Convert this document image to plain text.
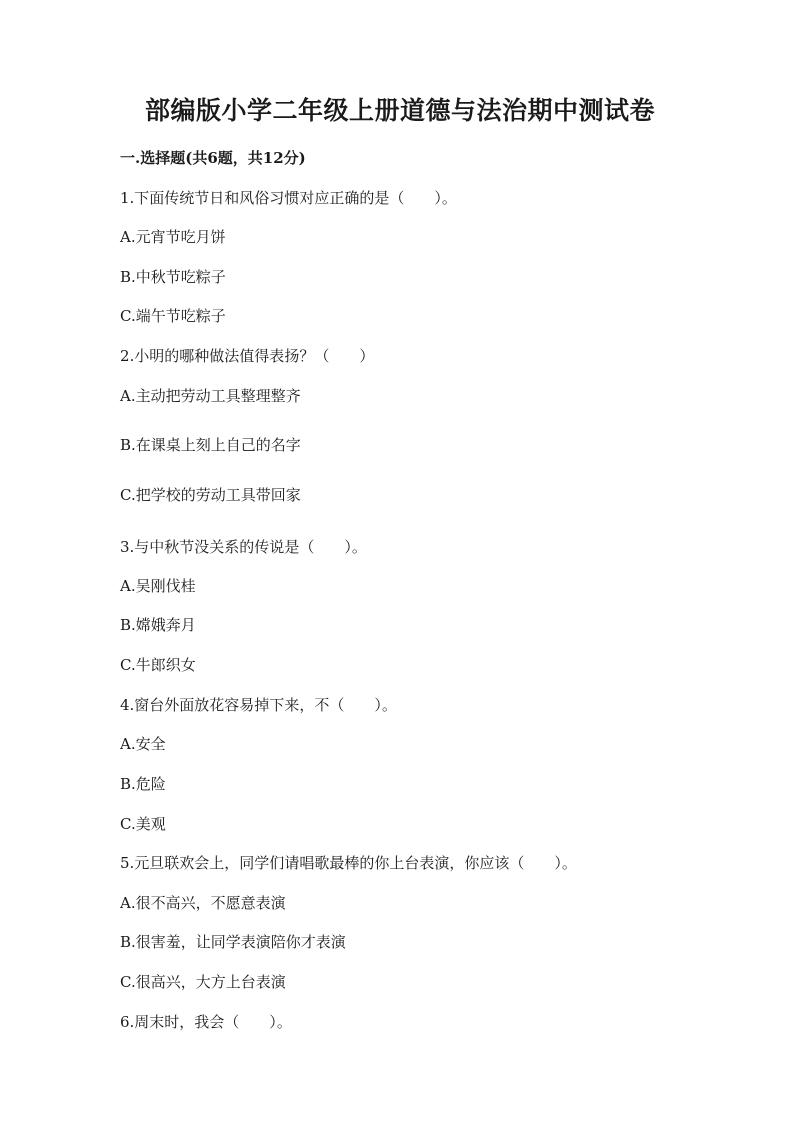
部编版小学二年级上册道德与法治期中测试卷
一.选择题(共6题，共12分)
1.下面传统节日和风俗习惯对应正确的是（　　）。
A.元宵节吃月饼
B.中秋节吃粽子
C.端午节吃粽子
2.小明的哪种做法值得表扬？（　　）
A.主动把劳动工具整理整齐
B.在课桌上刻上自己的名字
C.把学校的劳动工具带回家
3.与中秋节没关系的传说是（　　）。
A.吴刚伐桂
B.嫦娥奔月
C.牛郎织女
4.窗台外面放花容易掉下来，不（　　）。
A.安全
B.危险
C.美观
5.元旦联欢会上，同学们请唱歌最棒的你上台表演，你应该（　　）。
A.很不高兴，不愿意表演
B.很害羞，让同学表演陪你才表演
C.很高兴，大方上台表演
6.周末时，我会（　　）。
